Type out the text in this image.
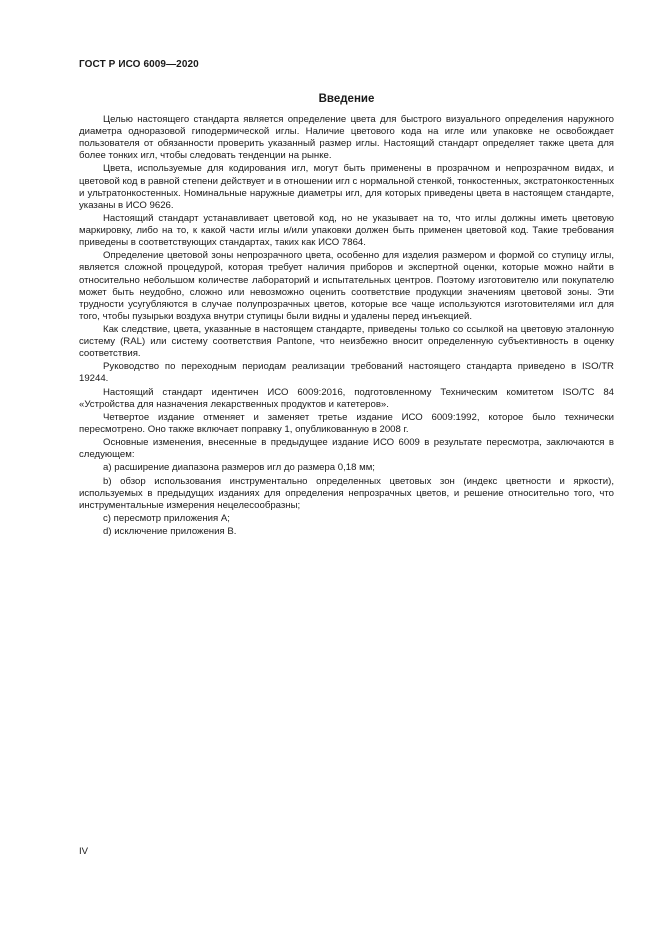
ГОСТ Р ИСО 6009—2020
Введение

Целью настоящего стандарта является определение цвета для быстрого визуального определения наружного диаметра одноразовой гиподермической иглы. Наличие цветового кода на игле или упаковке не освобождает пользователя от обязанности проверить указанный размер иглы. Настоящий стандарт определяет также цвета для более тонких игл, чтобы следовать тенденции на рынке.

Цвета, используемые для кодирования игл, могут быть применены в прозрачном и непрозрачном видах, и цветовой код в равной степени действует и в отношении игл с нормальной стенкой, тонкостенных, экстратонкостенных и ультратонкостенных. Номинальные наружные диаметры игл, для которых приведены цвета в настоящем стандарте, указаны в ИСО 9626.

Настоящий стандарт устанавливает цветовой код, но не указывает на то, что иглы должны иметь цветовую маркировку, либо на то, к какой части иглы и/или упаковки должен быть применен цветовой код. Такие требования приведены в соответствующих стандартах, таких как ИСО 7864.

Определение цветовой зоны непрозрачного цвета, особенно для изделия размером и формой со ступицу иглы, является сложной процедурой, которая требует наличия приборов и экспертной оценки, которые можно найти в относительно небольшом количестве лабораторий и испытательных центров. Поэтому изготовителю или покупателю может быть неудобно, сложно или невозможно оценить соответствие продукции значениям цветовой зоны. Эти трудности усугубляются в случае полупрозрачных цветов, которые все чаще используются изготовителями игл для того, чтобы пузырьки воздуха внутри ступицы были видны и удалены перед инъекцией.

Как следствие, цвета, указанные в настоящем стандарте, приведены только со ссылкой на цветовую эталонную систему (RAL) или систему соответствия Pantone, что неизбежно вносит определенную субъективность в оценку соответствия.

Руководство по переходным периодам реализации требований настоящего стандарта приведено в ISO/TR 19244.

Настоящий стандарт идентичен ИСО 6009:2016, подготовленному Техническим комитетом ISO/TC 84 «Устройства для назначения лекарственных продуктов и катетеров».

Четвертое издание отменяет и заменяет третье издание ИСО 6009:1992, которое было технически пересмотрено. Оно также включает поправку 1, опубликованную в 2008 г.

Основные изменения, внесенные в предыдущее издание ИСО 6009 в результате пересмотра, заключаются в следующем:

a) расширение диапазона размеров игл до размера 0,18 мм;

b) обзор использования инструментально определенных цветовых зон (индекс цветности и яркости), используемых в предыдущих изданиях для определения непрозрачных цветов, и решение относительно того, что инструментальные измерения нецелесообразны;

c) пересмотр приложения А;

d) исключение приложения В.

IV
